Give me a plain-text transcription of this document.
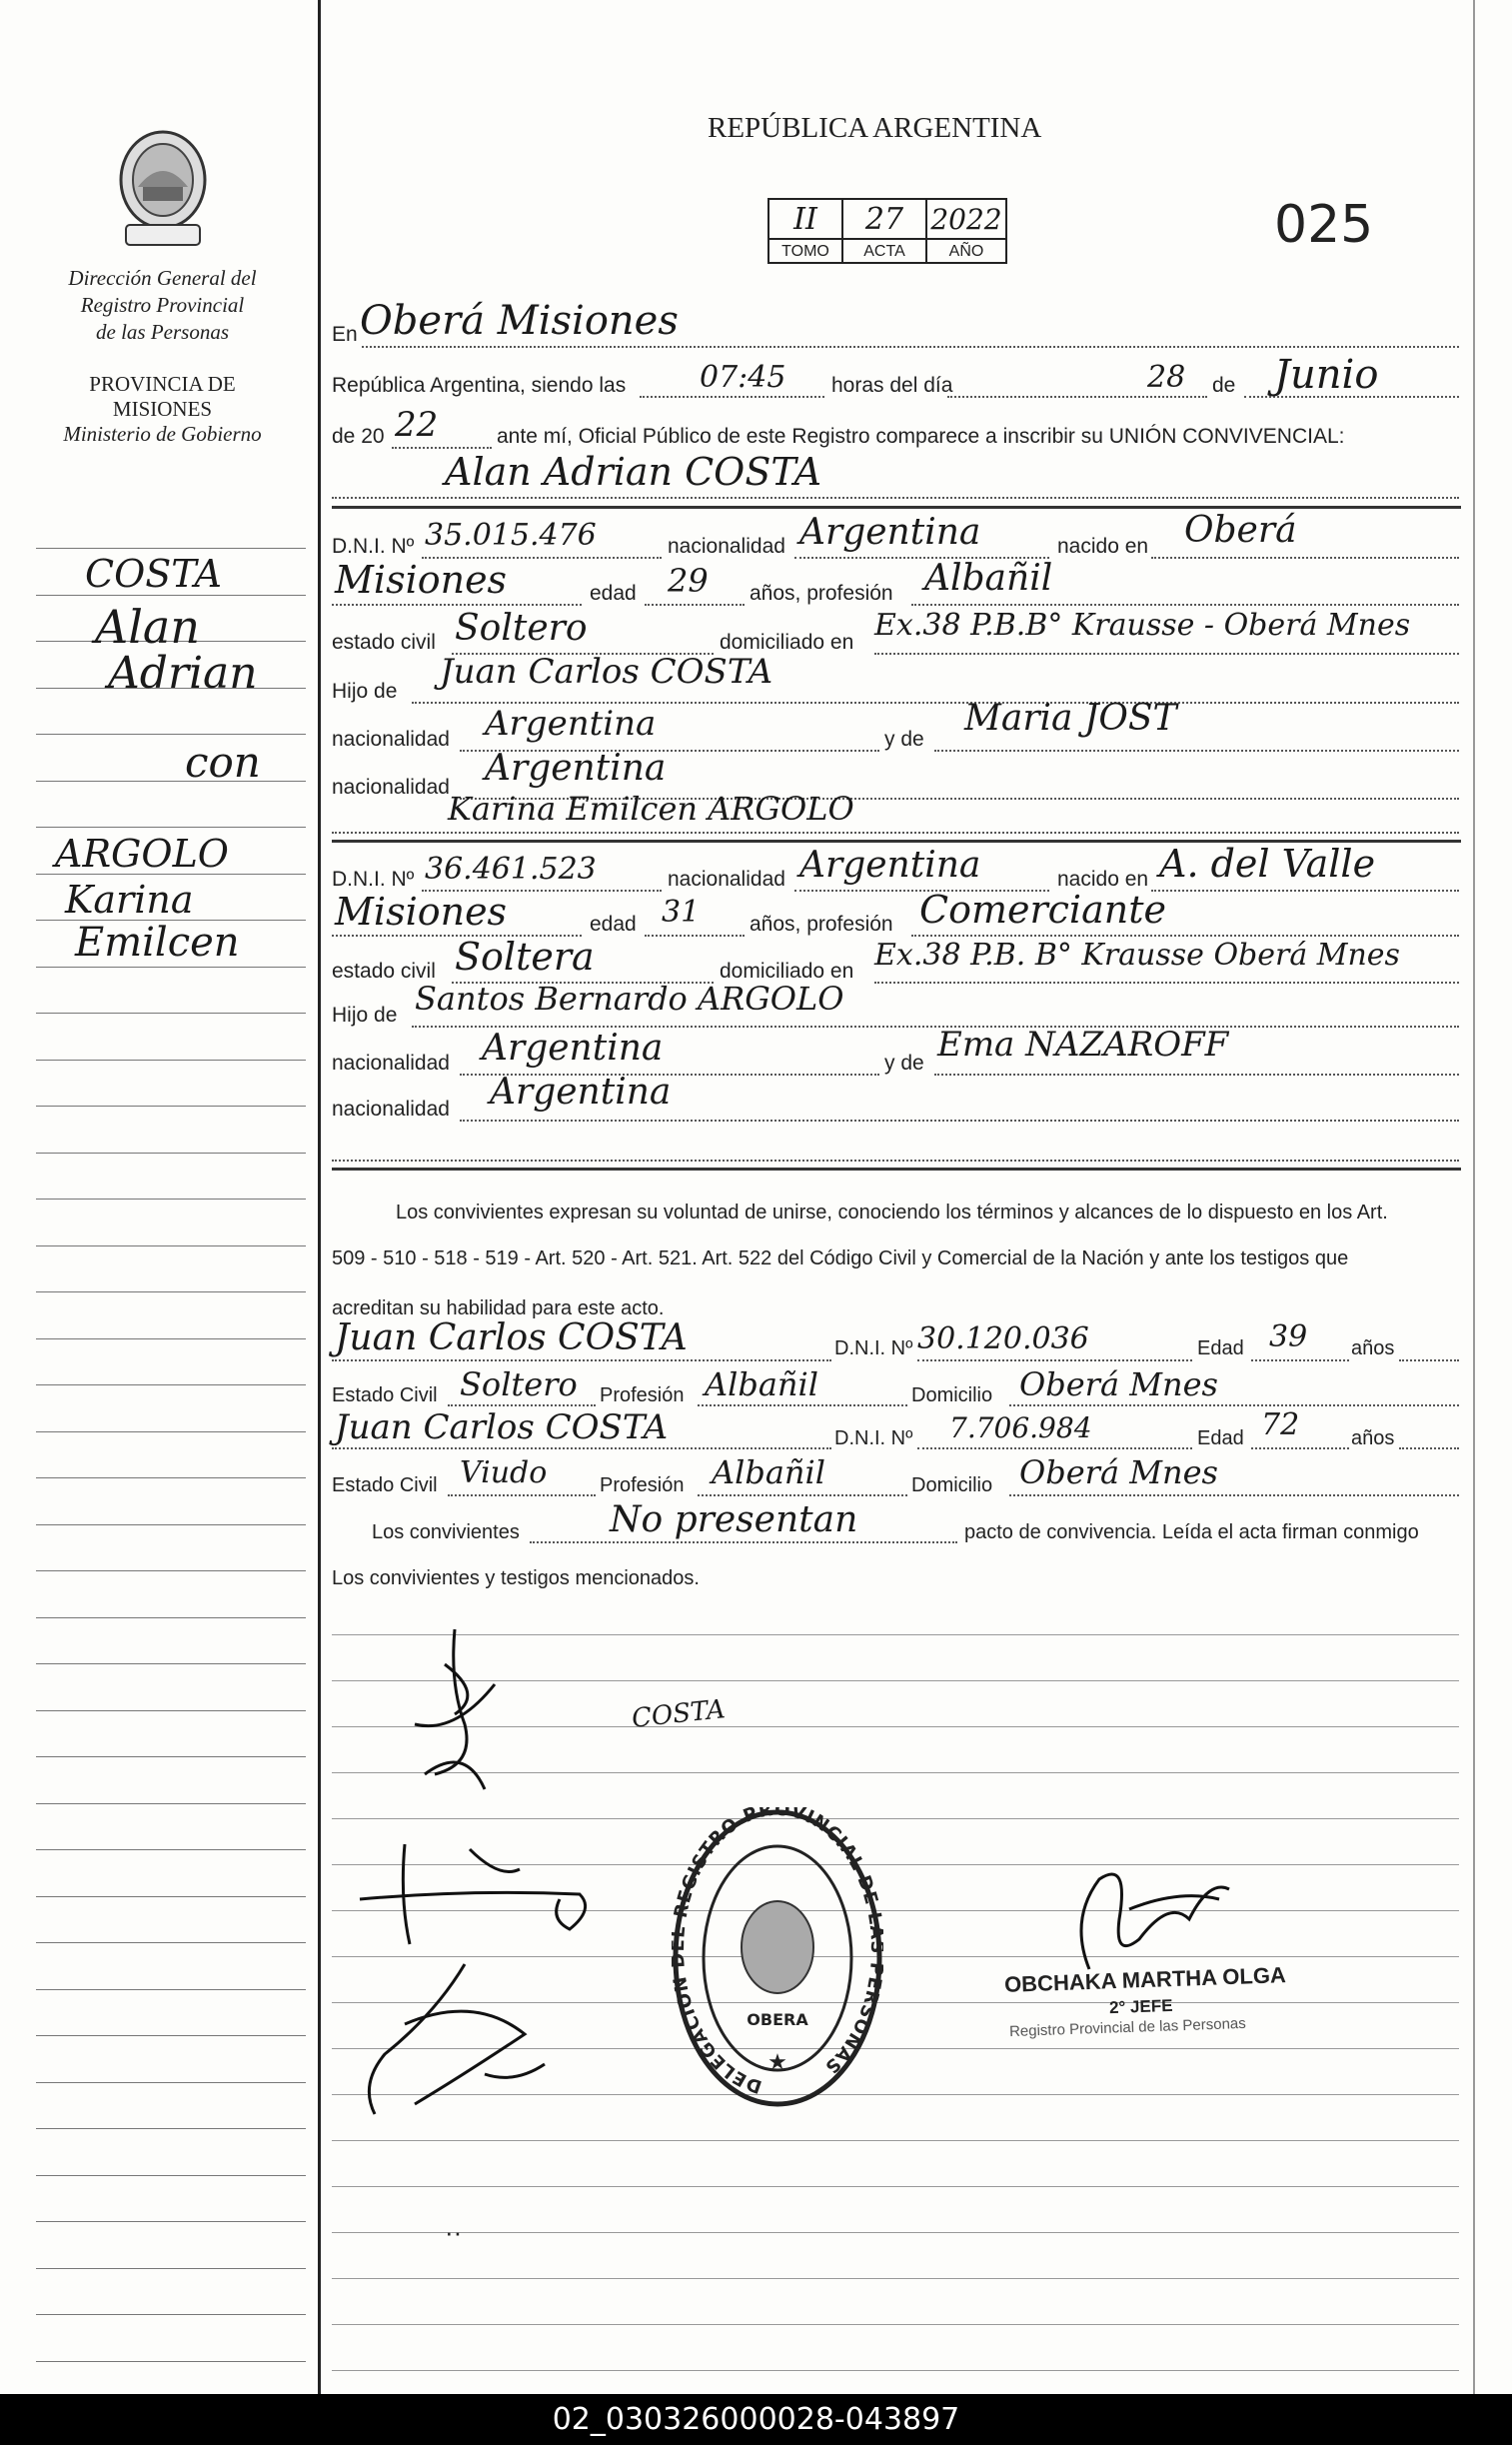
Dirección General del
Registro Provincial
de las Personas
PROVINCIA DE
MISIONES
Ministerio de Gobierno
COSTA
Alan
Adrian
con
ARGOLO
Karina
Emilcen
REPÚBLICA ARGENTINA
II	27 2022
TOMO	ACTA	AÑO	025
En Oberá Misiones
República Argentina, siendo las 07:45 horas del día	28 de Junio
de 20 22	ante mí, Oficial Público de este Registro comparece a inscribir su UNIÓN CONVIVENCIAL:
Alan Adrian COSTA
D.N.I. Nº 35.015.476	nacionalidad Argentina	nacido en Oberá
Misiones	edad 29 años, profesión Albañil
estado civil Soltero	domiciliado en Ex.38 P.B.B° Krausse - Oberá Mnes
Hijo de Juan Carlos COSTA
nacionalidad Argentina	y de
Maria JOST
nacionalidad Argentina
Karina Emilcen ARGOLO
D.N.I. Nº 36.461.523	nacionalidad Argentina	nacido en A. del Valle
Misiones	edad 31 años, profesión Comerciante
estado civil Soltera	domiciliado en Ex.38 P.B. B° Krausse Oberá Mnes
Hijo de Santos Bernardo ARGOLO
nacionalidad Argentina	y de Ema NAZAROFF
nacionalidad Argentina
Los convivientes expresan su voluntad de unirse, conociendo los términos y alcances de lo dispuesto en los Art.
509 - 510 - 518 - 519 - Art. 520 - Art. 521. Art. 522 del Código Civil y Comercial de la Nación y ante los testigos que
acreditan su habilidad para este acto.
Juan Carlos COSTA	D.N.I. Nº 30.120.036	Edad 39 años
Estado Civil Soltero Profesión Albañil	Domicilio Oberá Mnes
Juan Carlos COSTA	D.N.I. Nº 7.706.984	Edad 72	años
Estado Civil Viudo	Profesión Albañil	Domicilio Oberá Mnes
Los convivientes	No presentan	pacto de convivencia. Leída el acta firman conmigo
Los convivientes y testigos mencionados.
COSTA
DELEGACION REGISTRO PROVINCIAL DE ERSONAS
OBERA
★
OBCHAKA MARTHA OLGA
2° JEFE
Registro Provincial de las Personas
··
02_030326000028-043897
